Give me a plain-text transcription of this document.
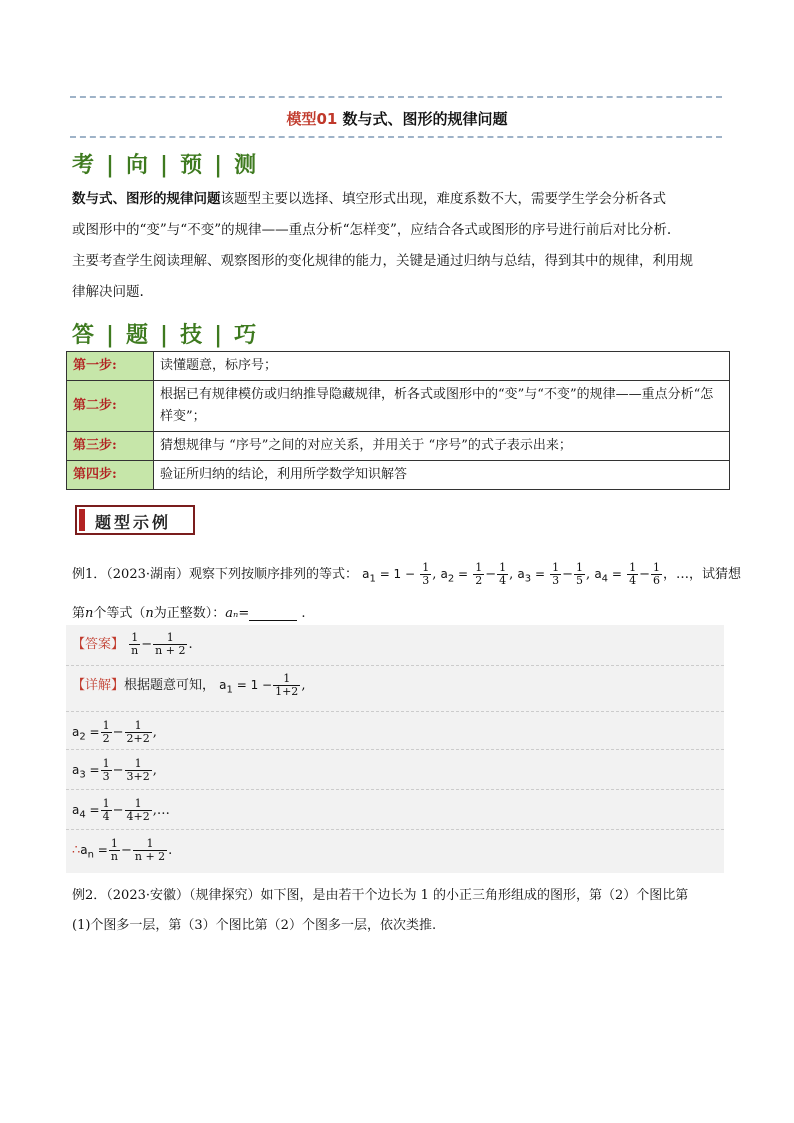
模型01 数与式、图形的规律问题
考 | 向 | 预 | 测
数与式、图形的规律问题该题型主要以选择、填空形式出现，难度系数不大，需要学生学会分析各式
或图形中的“变”与“不变”的规律——重点分析“怎样变”，应结合各式或图形的序号进行前后对比分析.
主要考查学生阅读理解、观察图形的变化规律的能力，关键是通过归纳与总结，得到其中的规律，利用规
律解决问题.
答 | 题 | 技 | 巧
第一步:	读懂题意，标序号；
第二步:	根据已有规律模仿或归纳推导隐藏规律，析各式或图形中的“变”与“不变”的规律——重点分析“怎样变”；
第三步:	猜想规律与 “序号”之间的对应关系，并用关于 “序号”的式子表示出来；
第四步:	验证所归纳的结论，利用所学数学知识解答
题型示例
例1．（2023·湖南）观察下列按顺序排列的等式： $a_1 = 1 - \frac{1}{3}$ , $a_2 = \frac{1}{2} - \frac{1}{4}$ , $a_3 = \frac{1}{3} - \frac{1}{5}$ , $a_4 = \frac{1}{4} - \frac{1}{6}$ ，…，试猜想
第n个等式（n为正整数）：aₙ=	.
【答案】 $\frac{1}{n} - \frac{1}{n + 2}$ .
【详解】根据题意可知， $a_1 = 1 - \frac{1}{1+2}$ ,
$a_2 = \frac{1}{2} - \frac{1}{2+2}$ ,
$a_3 = \frac{1}{3} - \frac{1}{3+2}$ ,
$a_4 = \frac{1}{4} - \frac{1}{4+2}$ ,…
$\therefore a_n = \frac{1}{n} - \frac{1}{n + 2}$ .
例2．（2023·安徽）（规律探究）如下图，是由若干个边长为 1 的小正三角形组成的图形，第（2）个图比第
(1)个图多一层，第（3）个图比第（2）个图多一层，依次类推.
